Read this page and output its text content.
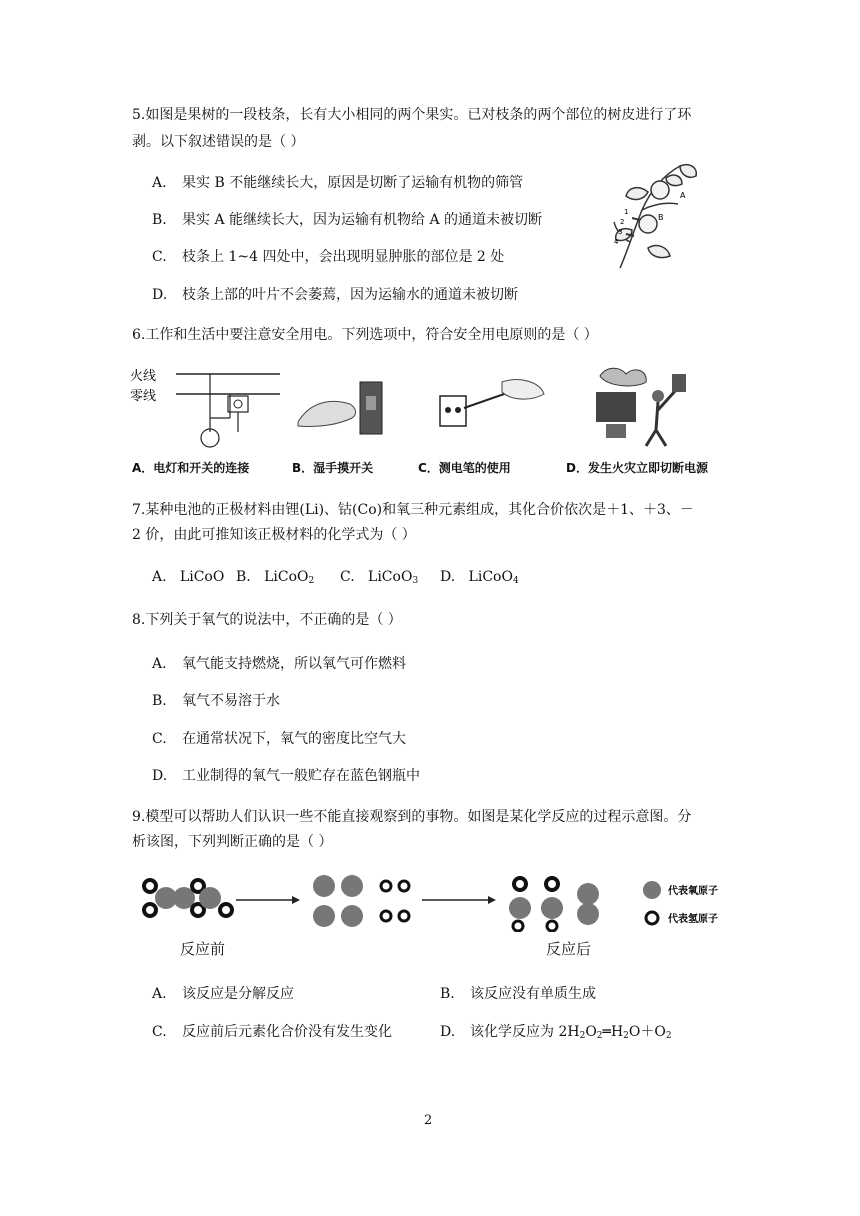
5.如图是果树的一段枝条，长有大小相同的两个果实。已对枝条的两个部位的树皮进行了环
剥。以下叙述错误的是（ ）
A. 果实 B 不能继续长大，原因是切断了运输有机物的筛管
B. 果实 A 能继续长大，因为运输有机物给 A 的通道未被切断
C. 枝条上 1~4 四处中，会出现明显肿胀的部位是 2 处
D. 枝条上部的叶片不会萎蔫，因为运输水的通道未被切断
A
B
1
2
3
4
6.工作和生活中要注意安全用电。下列选项中，符合安全用电原则的是（ ）
火线
零线
A．电灯和开关的连接	B．湿手摸开关	C．测电笔的使用	D．发生火灾立即切断电源
7.某种电池的正极材料由锂(Li)、钴(Co)和氧三种元素组成，其化合价依次是＋1、＋3、－
2 价，由此可推知该正极材料的化学式为（ ）
A. LiCoO B. LiCoO$_2$ C. LiCoO$_3$ D. LiCoO$_4$
8.下列关于氧气的说法中，不正确的是（ ）
A. 氧气能支持燃烧，所以氧气可作燃料
B. 氧气不易溶于水
C. 在通常状况下，氧气的密度比空气大
D. 工业制得的氧气一般贮存在蓝色钢瓶中
9.模型可以帮助人们认识一些不能直接观察到的事物。如图是某化学反应的过程示意图。分
析该图，下列判断正确的是（ ）
代表氧原子
代表氢原子
反应前	反应后
A. 该反应是分解反应	B. 该反应没有单质生成
C. 反应前后元素化合价没有发生变化	D. 该化学反应为 $2H_2O_2═H_2O+O_2$
2
